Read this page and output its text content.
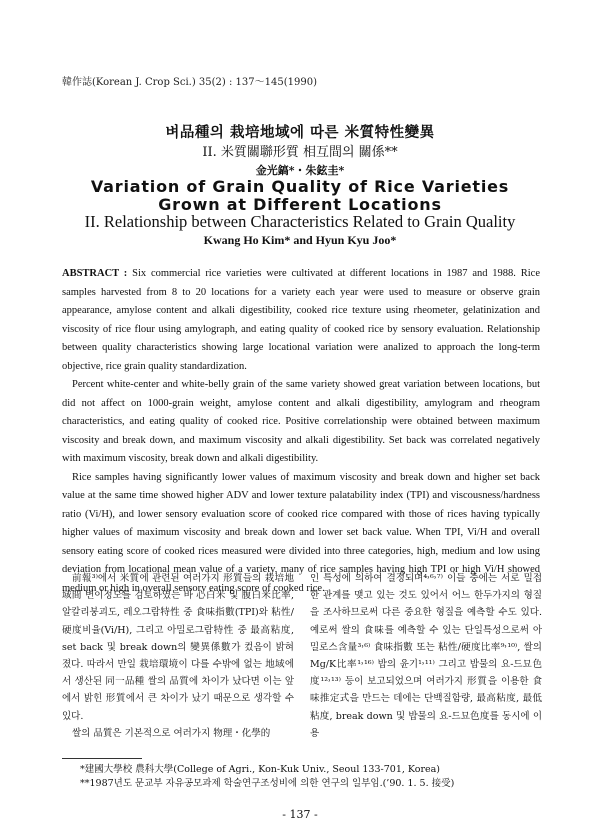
韓作誌(Korean J. Crop Sci.) 35(2) : 137～145(1990)
벼品種의 栽培地域에 따른 米質特性變異
II. 米質關聯形質 相互間의 關係**
金光鎬*・朱鉉圭*
Variation of Grain Quality of Rice Varieties Grown at Different Locations
II. Relationship between Characteristics Related to Grain Quality
Kwang Ho Kim* and Hyun Kyu Joo*

ABSTRACT : Six commercial rice varieties were cultivated at different locations in 1987 and 1988. Rice samples harvested from 8 to 20 locations for a variety each year were used to measure or observe grain appearance, amylose content and alkali digestibility, cooked rice texture using rheometer, gelatinization and viscosity of rice flour using amylograph, and eating quality of cooked rice by sensory evaluation. Relationship between quality characteristics showing large locational variation were analized to approach the long-term objective, rice grain quality standardization.

Percent white-center and white-belly grain of the same variety showed great variation between locations, but did not affect on 1000-grain weight, amylose content and alkali digestibility, amylogram and rheogram characteristics, and eating quality of cooked rice. Positive correlationship were obtained between maximum viscosity and break down, and maximum viscosity and alkali digestibility. Set back was correlated negatively with maximum viscosity, break down and alkali digestibility.

Rice samples having significantly lower values of maximum viscosity and break down and higher set back value at the same time showed higher ADV and lower texture palatability index (TPI) and viscousness/hardness ratio (Vi/H), and lower sensory evaluation score of cooked rice compared with those of rices having typically higher values of maximum viscosity and break down and lower set back value. When TPI, Vi/H and overall sensory eating score of cooked rices measured were divided into three categories, high, medium and low using deviation from locational mean value of a variety, many of rice samples having high TPI or high Vi/H showed medium or high in overall sensory eating score of cooked rice.

前報³⁾에서 米質에 관련된 여러가지 形質들의 栽培地域間 변이정도를 검토하였는 바 心白米 및 腹白米比率, 알칼리붕괴도, 레오그람特性 중 食味指數(TPI)와 粘性/硬度비율(Vi/H), 그리고 아밀로그람特性 중 最高粘度, set back 및 break down의 變異係數가 컸음이 밝혀졌다. 따라서 만일 栽培環境이 다를 수밖에 없는 地域에서 생산된 同一品種 쌀의 品質에 차이가 났다면 이는 앞에서 밝힌 形質에서 큰 차이가 났기 때문으로 생각할 수 있다.

쌀의 品質은 기본적으로 여러가지 物理・化學的

인 특성에 의하여 결정되며⁴˒⁶˒⁷⁾ 이들 중에는 서로 밀접한 관계를 맺고 있는 것도 있어서 어느 한두가지의 형질을 조사하므로써 다른 중요한 형질을 예측할 수도 있다. 예로써 쌀의 食味를 예측할 수 있는 단일특성으로써 아밀로스含量³˒⁶⁾ 食味指數 또는 粘性/硬度比率⁹˒¹⁰⁾, 쌀의 Mg/K比率¹˒¹⁶⁾ 밥의 윤기¹˒¹¹⁾ 그리고 밥물의 요-드묘色度¹²˒¹³⁾ 등이 보고되었으며 여러가지 形質을 이용한 食味推定式을 만드는 데에는 단백질함량, 最高粘度, 最低粘度, break down 및 밥물의 요-드묘色度를 동시에 이용

*建國大學校 農科大學(College of Agri., Kon-Kuk Univ., Seoul 133-701, Korea)
**1987년도 문교부 자유공모과제 학술연구조성비에 의한 연구의 일부임.(’90. 1. 5. 接受)
- 137 -
